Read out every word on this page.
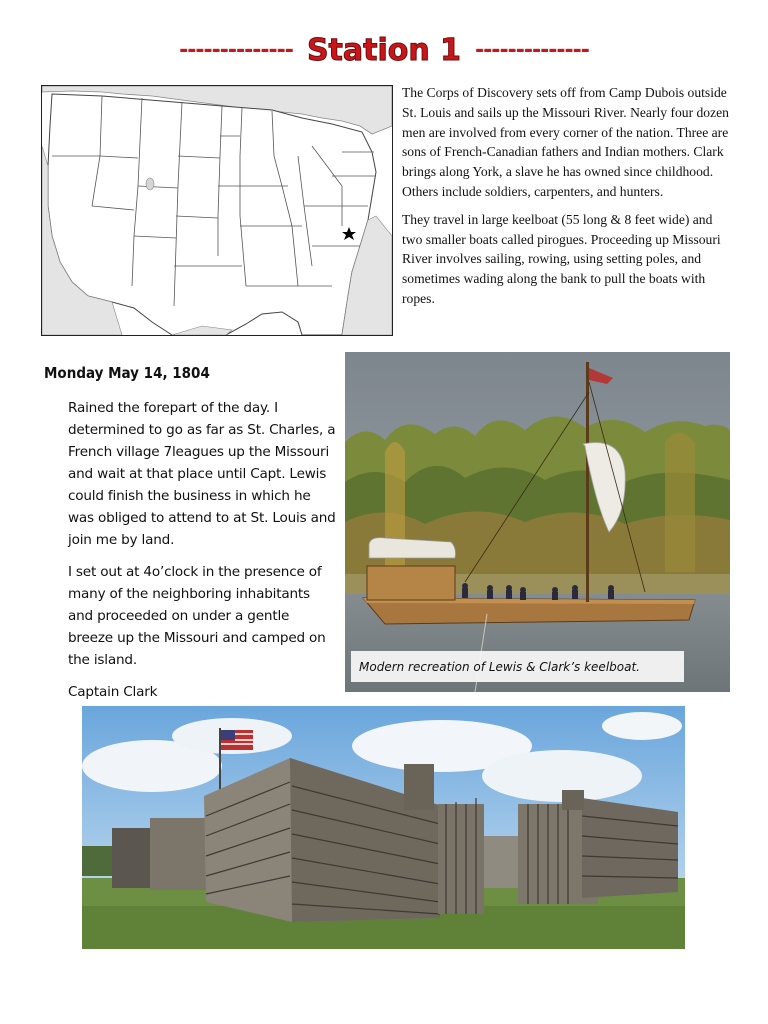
-------------- Station 1 --------------

The Corps of Discovery sets off from Camp Dubois outside St. Louis and sails up the Missouri River. Nearly four dozen men are involved from every corner of the nation. Three are sons of French-Canadian fathers and Indian mothers. Clark brings along York, a slave he has owned since childhood. Others include soldiers, carpenters, and hunters.

They travel in large keelboat (55 long & 8 feet wide) and two smaller boats called pirogues. Proceeding up Missouri River involves sailing, rowing, using setting poles, and sometimes wading along the bank to pull the boats with ropes.

Monday May 14, 1804

Rained the forepart of the day. I determined to go as far as St. Charles, a French village 7leagues up the Missouri and wait at that place until Capt. Lewis could finish the business in which he was obliged to attend to at St. Louis and join me by land.

I set out at 4o’clock in the presence of many of the neighboring inhabitants and proceeded on under a gentle breeze up the Missouri and camped on the island.

Captain Clark

Modern recreation of Lewis & Clark’s keelboat.
